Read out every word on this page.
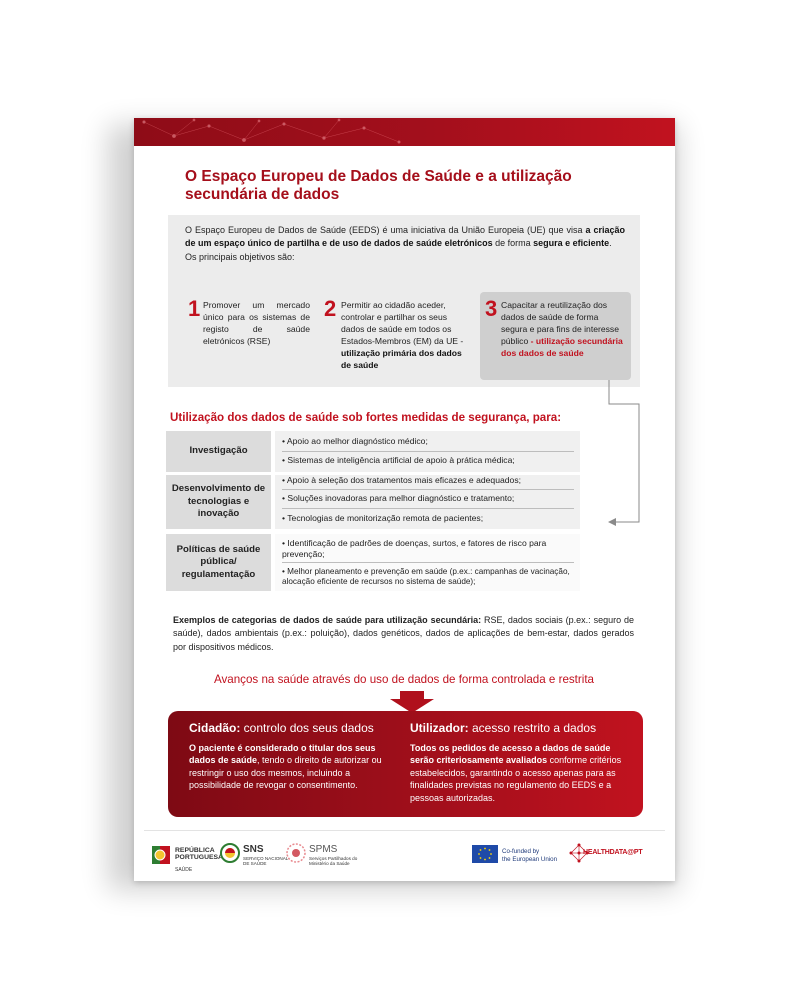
O Espaço Europeu de Dados de Saúde e a utilização secundária de dados
O Espaço Europeu de Dados de Saúde (EEDS) é uma iniciativa da União Europeia (UE) que visa a criação de um espaço único de partilha e de uso de dados de saúde eletrónicos de forma segura e eficiente.
Os principais objetivos são:
1 Promover um mercado único para os sistemas de registo de saúde eletrónicos (RSE)
2 Permitir ao cidadão aceder, controlar e partilhar os seus dados de saúde em todos os Estados-Membros (EM) da UE - utilização primária dos dados de saúde
3 Capacitar a reutilização dos dados de saúde de forma segura e para fins de interesse público - utilização secundária dos dados de saúde
Utilização dos dados de saúde sob fortes medidas de segurança, para:
Investigação
• Apoio ao melhor diagnóstico médico;
• Sistemas de inteligência artificial de apoio à prática médica;
Desenvolvimento de tecnologias e inovação
• Apoio à seleção dos tratamentos mais eficazes e adequados;
• Soluções inovadoras para melhor diagnóstico e tratamento;
• Tecnologias de monitorização remota de pacientes;
Políticas de saúde pública/ regulamentação
• Identificação de padrões de doenças, surtos, e fatores de risco para prevenção;
• Melhor planeamento e prevenção em saúde (p.ex.: campanhas de vacinação, alocação eficiente de recursos no sistema de saúde);
Exemplos de categorias de dados de saúde para utilização secundária: RSE, dados sociais (p.ex.: seguro de saúde), dados ambientais (p.ex.: poluição), dados genéticos, dados de aplicações de bem-estar, dados gerados por dispositivos médicos.
Avanços na saúde através do uso de dados de forma controlada e restrita
Cidadão: controlo dos seus dados
O paciente é considerado o titular dos seus dados de saúde, tendo o direito de autorizar ou restringir o uso dos mesmos, incluindo a possibilidade de revogar o consentimento.
Utilizador: acesso restrito a dados
Todos os pedidos de acesso a dados de saúde serão criteriosamente avaliados conforme critérios estabelecidos, garantindo o acesso apenas para as finalidades previstas no regulamento do EEDS e a pessoas autorizadas.
REPÚBLICA
PORTUGUESA
SAÚDE
SNS
SERVIÇO NACIONAL
DE SAÚDE
SPMS
Serviços Partilhados do
Ministério da Saúde
Co-funded by
the European Union
HEALTHDATA@PT
